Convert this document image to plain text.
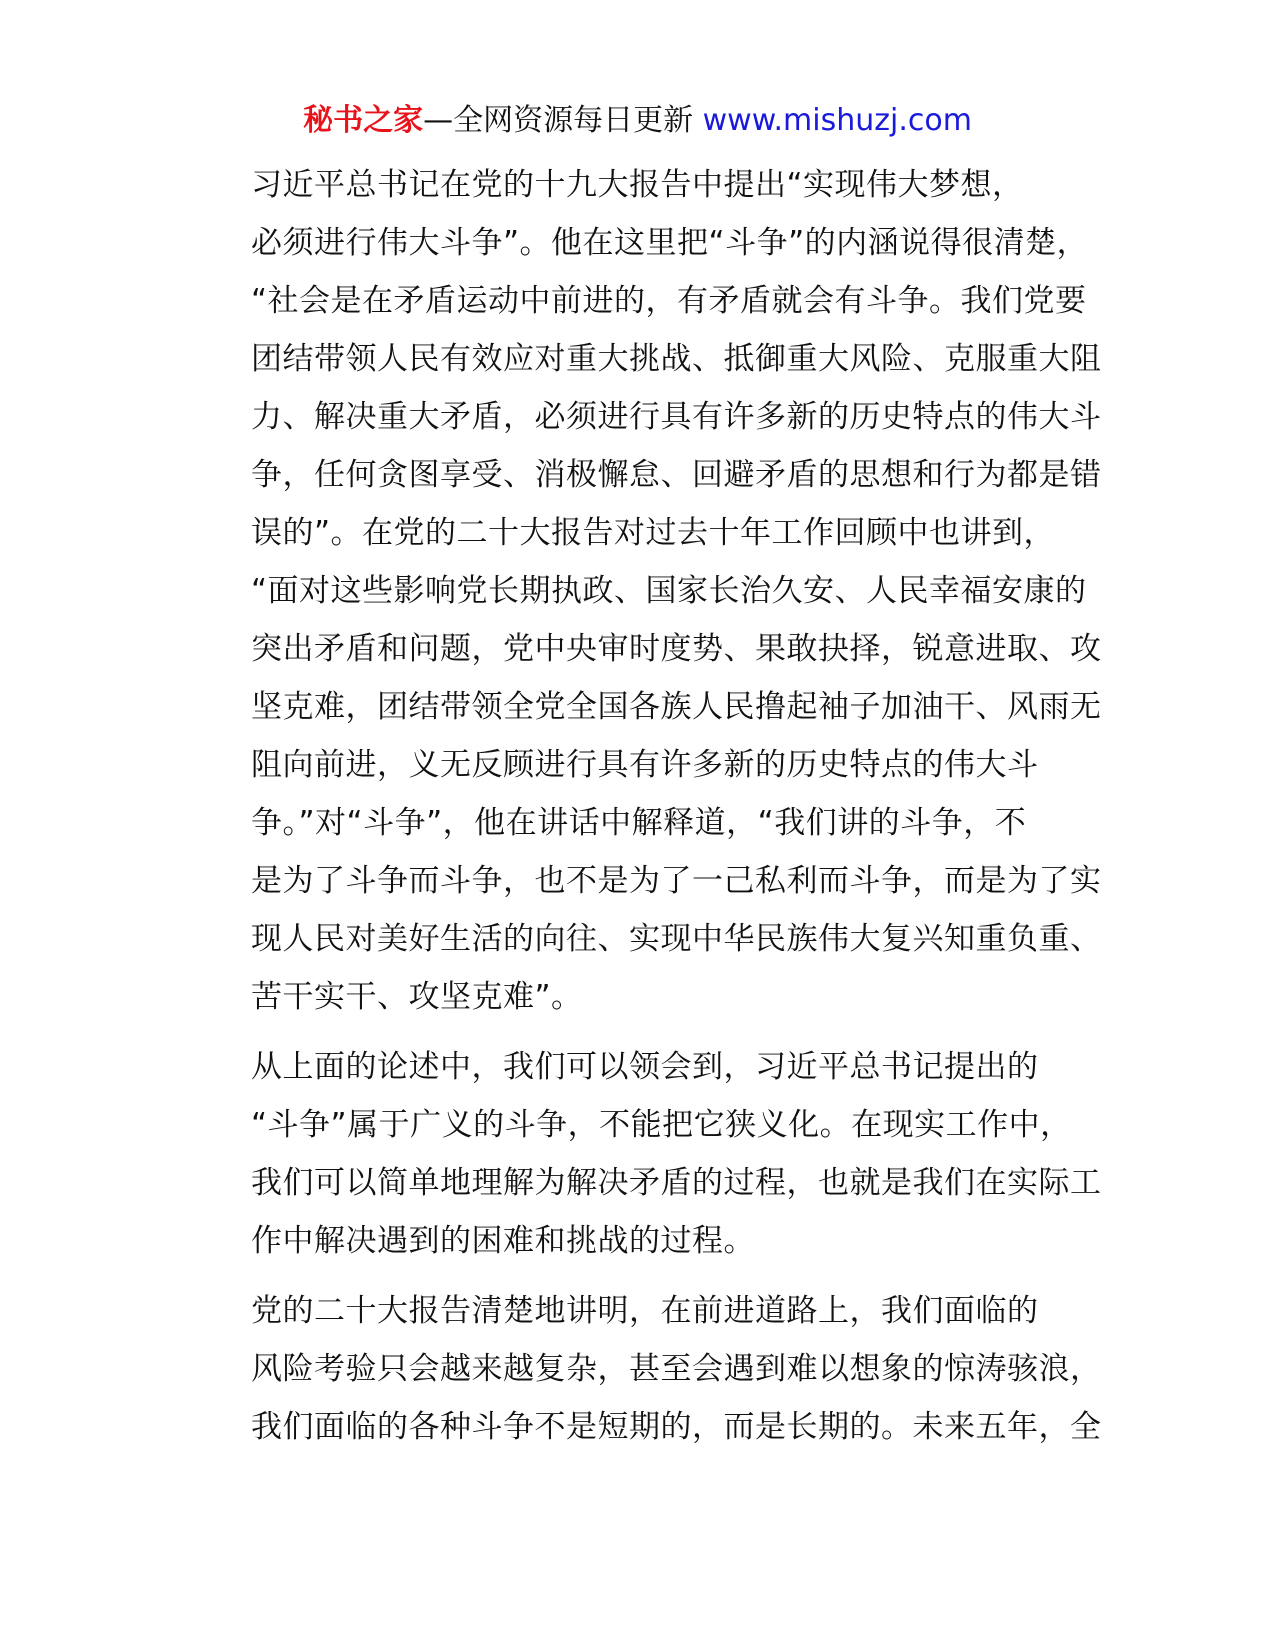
秘书之家—全网资源每日更新 www.mishuzj.com

习近平总书记在党的十九大报告中提出“实现伟大梦想，
必须进行伟大斗争”。他在这里把“斗争”的内涵说得很清楚，
“社会是在矛盾运动中前进的，有矛盾就会有斗争。我们党要
团结带领人民有效应对重大挑战、抵御重大风险、克服重大阻
力、解决重大矛盾，必须进行具有许多新的历史特点的伟大斗
争，任何贪图享受、消极懈怠、回避矛盾的思想和行为都是错
误的”。在党的二十大报告对过去十年工作回顾中也讲到，
“面对这些影响党长期执政、国家长治久安、人民幸福安康的
突出矛盾和问题，党中央审时度势、果敢抉择，锐意进取、攻
坚克难，团结带领全党全国各族人民撸起袖子加油干、风雨无
阻向前进，义无反顾进行具有许多新的历史特点的伟大斗
争。”对“斗争”，他在讲话中解释道，“我们讲的斗争，不
是为了斗争而斗争，也不是为了一己私利而斗争，而是为了实
现人民对美好生活的向往、实现中华民族伟大复兴知重负重、
苦干实干、攻坚克难”。

从上面的论述中，我们可以领会到，习近平总书记提出的
“斗争”属于广义的斗争，不能把它狭义化。在现实工作中，
我们可以简单地理解为解决矛盾的过程，也就是我们在实际工
作中解决遇到的困难和挑战的过程。

党的二十大报告清楚地讲明，在前进道路上，我们面临的
风险考验只会越来越复杂，甚至会遇到难以想象的惊涛骇浪，
我们面临的各种斗争不是短期的，而是长期的。未来五年，全
